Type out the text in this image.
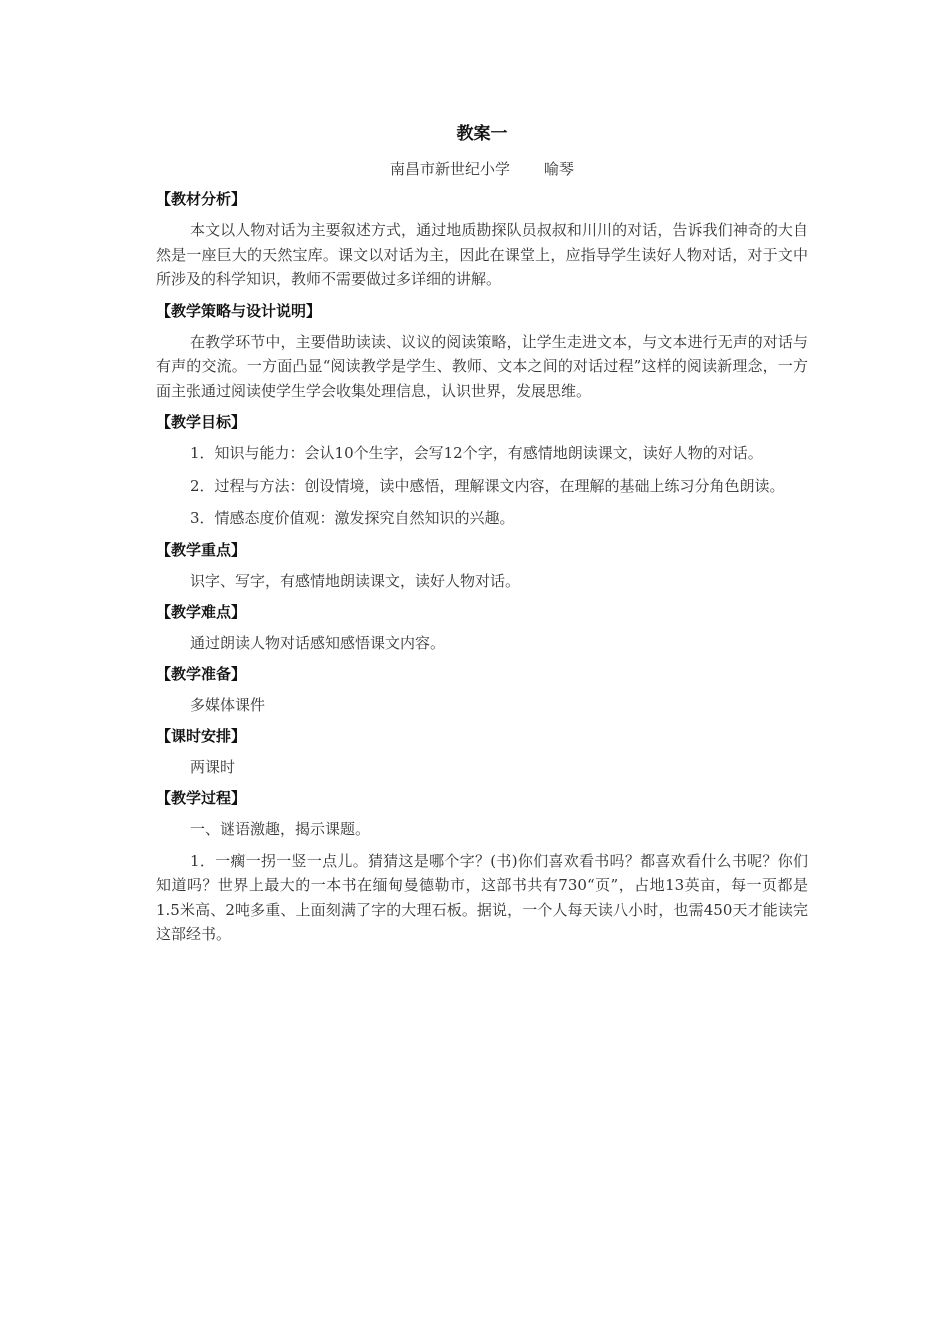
教案一
南昌市新世纪小学 喻琴
【教材分析】

本文以人物对话为主要叙述方式，通过地质勘探队员叔叔和川川的对话，告诉我们神奇的大自然是一座巨大的天然宝库。课文以对话为主，因此在课堂上，应指导学生读好人物对话，对于文中所涉及的科学知识，教师不需要做过多详细的讲解。

【教学策略与设计说明】

在教学环节中，主要借助读读、议议的阅读策略，让学生走进文本，与文本进行无声的对话与有声的交流。一方面凸显“阅读教学是学生、教师、文本之间的对话过程”这样的阅读新理念，一方面主张通过阅读使学生学会收集处理信息，认识世界，发展思维。

【教学目标】

1．知识与能力：会认10个生字，会写12个字，有感情地朗读课文，读好人物的对话。

2．过程与方法：创设情境，读中感悟，理解课文内容，在理解的基础上练习分角色朗读。

3．情感态度价值观：激发探究自然知识的兴趣。

【教学重点】

识字、写字，有感情地朗读课文，读好人物对话。

【教学难点】

通过朗读人物对话感知感悟课文内容。

【教学准备】

多媒体课件

【课时安排】

两课时

【教学过程】

一、谜语激趣，揭示课题。

1．一瘸一拐一竖一点儿。猜猜这是哪个字？(书)你们喜欢看书吗？都喜欢看什么书呢？你们知道吗？世界上最大的一本书在缅甸曼德勒市，这部书共有730“页”，占地13英亩，每一页都是1.5米高、2吨多重、上面刻满了字的大理石板。据说，一个人每天读八小时，也需450天才能读完这部经书。
